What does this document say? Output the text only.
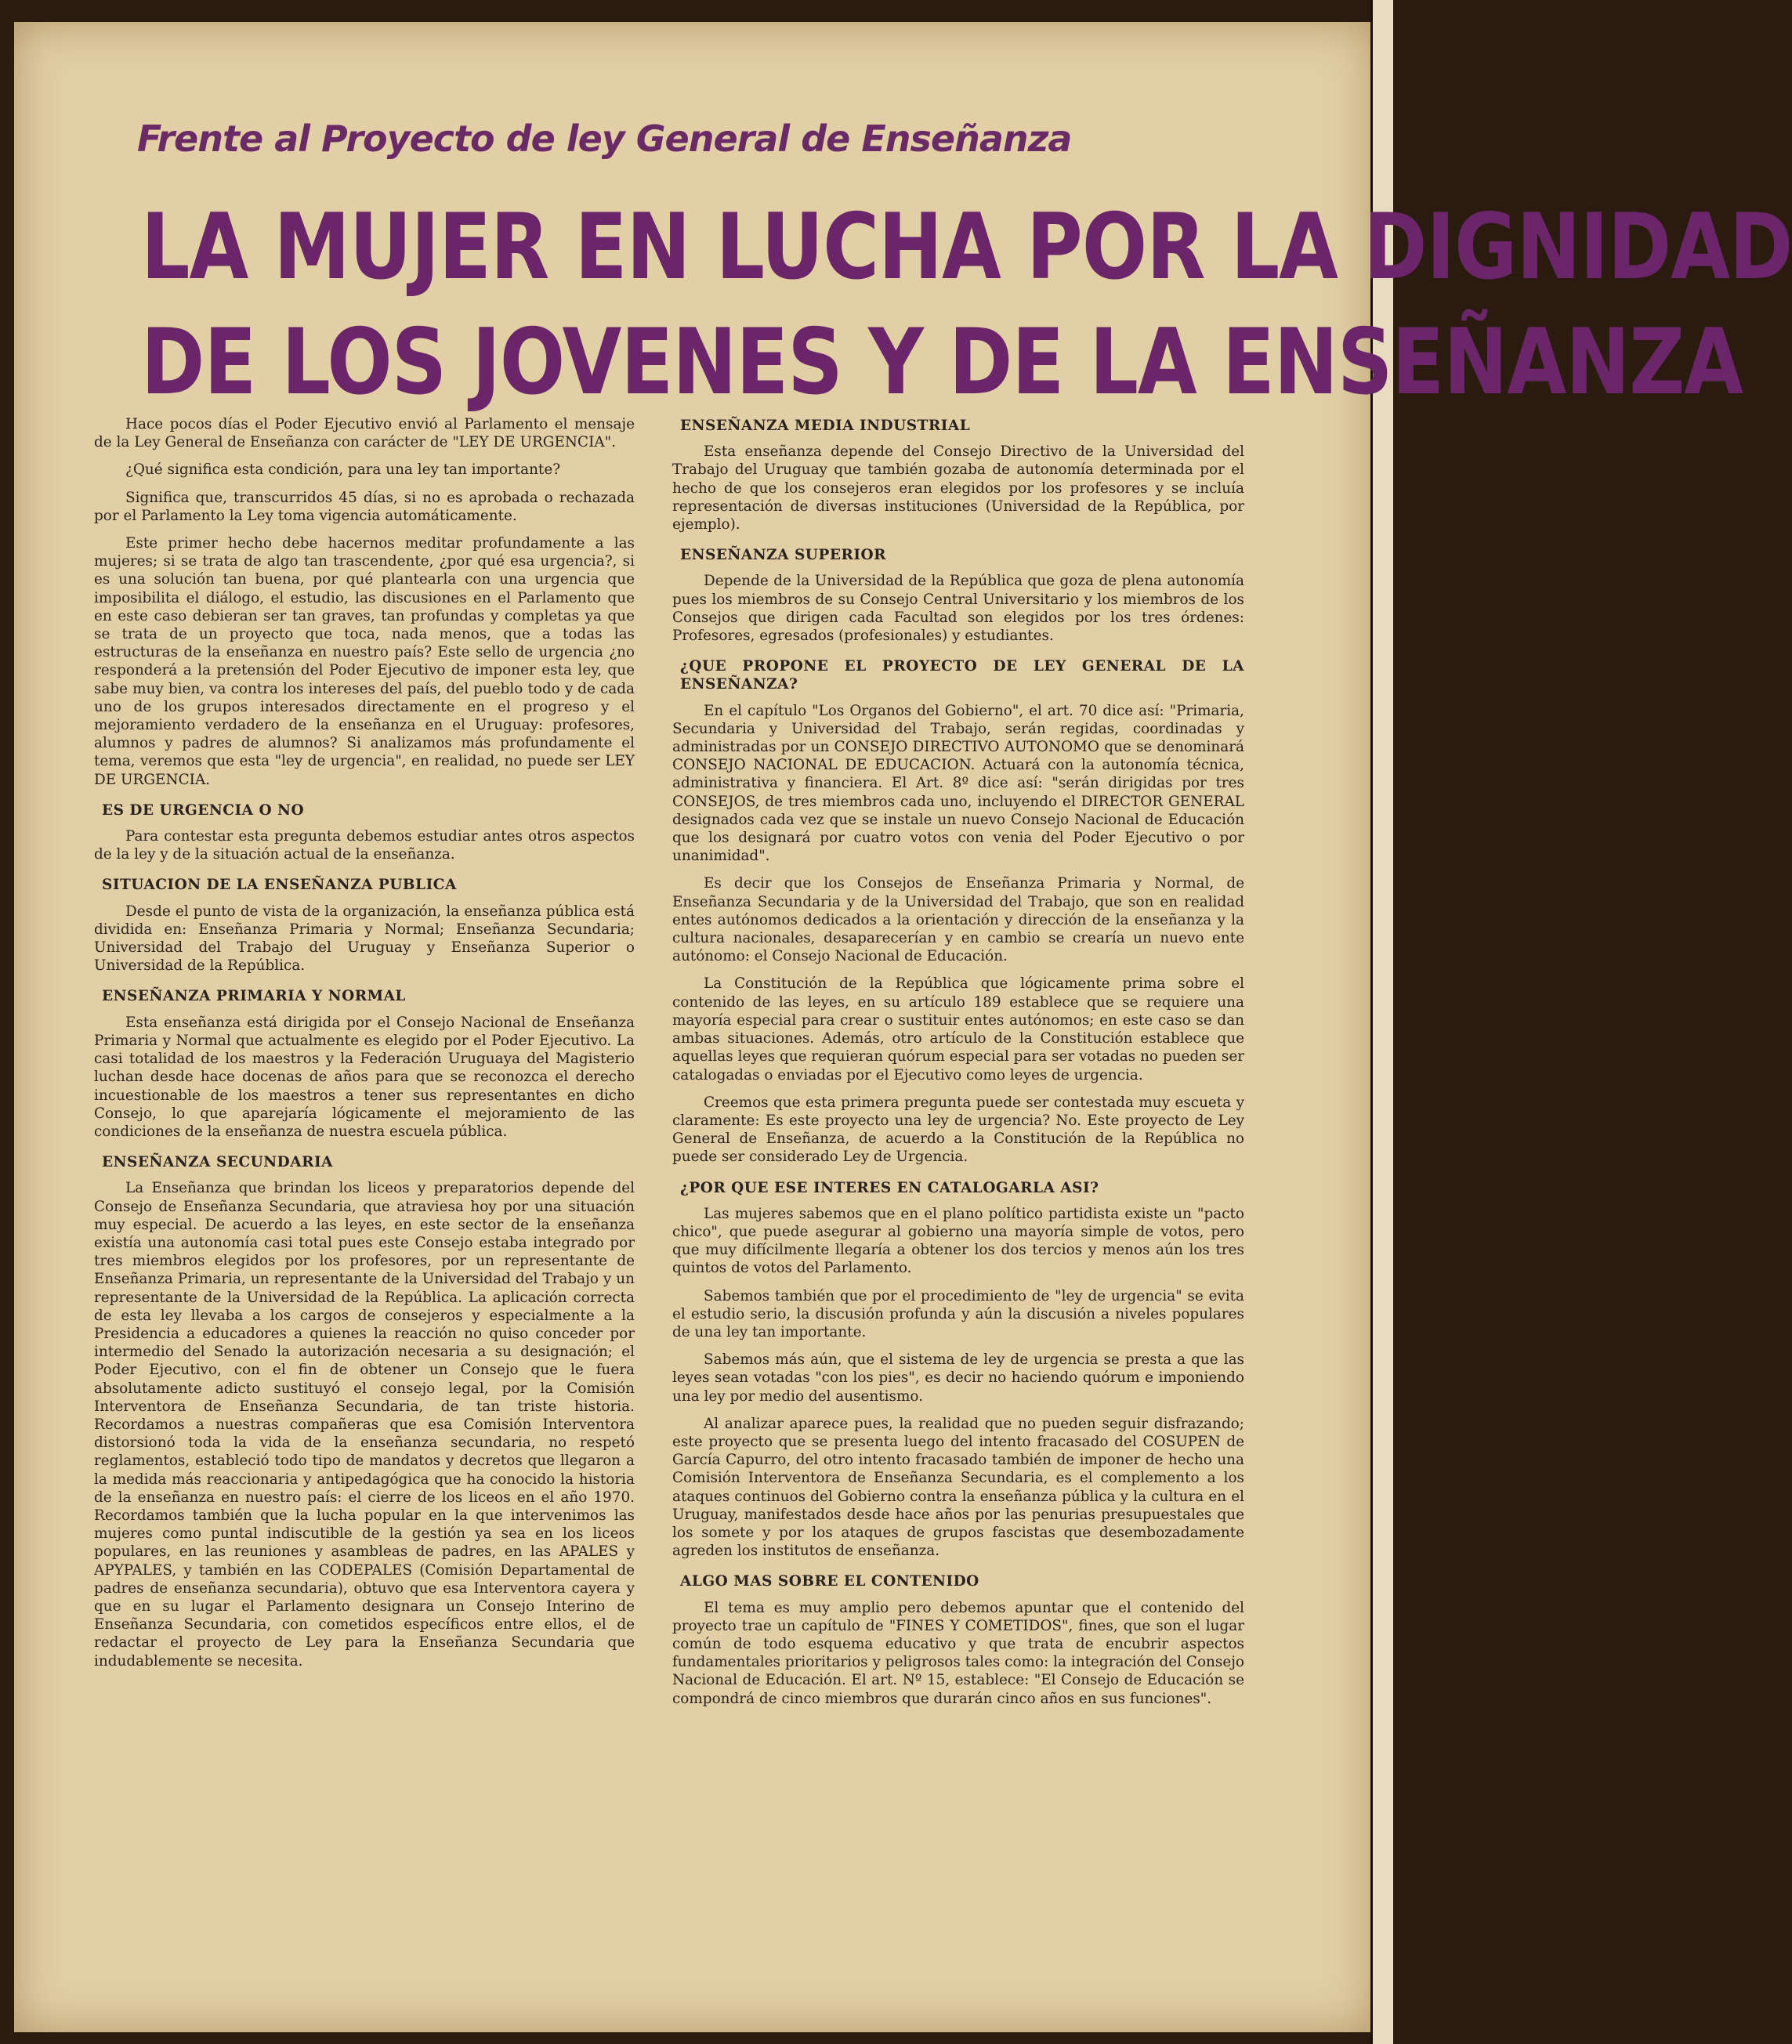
Frente al Proyecto de ley General de Enseñanza
LA MUJER EN LUCHA POR LA DIGNIDAD
DE LOS JOVENES Y DE LA ENSEÑANZA

Hace pocos días el Poder Ejecutivo envió al Parlamento el mensaje de la Ley General de Enseñanza con carácter de "LEY DE URGENCIA".

¿Qué significa esta condición, para una ley tan importante?

Significa que, transcurridos 45 días, si no es aprobada o rechazada por el Parlamento la Ley toma vigencia automáticamente.

Este primer hecho debe hacernos meditar profundamente a las mujeres; si se trata de algo tan trascendente, ¿por qué esa urgencia?, si es una solución tan buena, por qué plantearla con una urgencia que imposibilita el diálogo, el estudio, las discusiones en el Parlamento que en este caso debieran ser tan graves, tan profundas y completas ya que se trata de un proyecto que toca, nada menos, que a todas las estructuras de la enseñanza en nuestro país? Este sello de urgencia ¿no responderá a la pretensión del Poder Ejecutivo de imponer esta ley, que sabe muy bien, va contra los intereses del país, del pueblo todo y de cada uno de los grupos interesados directamente en el progreso y el mejoramiento verdadero de la enseñanza en el Uruguay: profesores, alumnos y padres de alumnos? Si analizamos más profundamente el tema, veremos que esta "ley de urgencia", en realidad, no puede ser LEY DE URGENCIA.

ES DE URGENCIA O NO

Para contestar esta pregunta debemos estudiar antes otros aspectos de la ley y de la situación actual de la enseñanza.

SITUACION DE LA ENSEÑANZA PUBLICA

Desde el punto de vista de la organización, la enseñanza pública está dividida en: Enseñanza Primaria y Normal; Enseñanza Secundaria; Universidad del Trabajo del Uruguay y Enseñanza Superior o Universidad de la República.

ENSEÑANZA PRIMARIA Y NORMAL

Esta enseñanza está dirigida por el Consejo Nacional de Enseñanza Primaria y Normal que actualmente es elegido por el Poder Ejecutivo. La casi totalidad de los maestros y la Federación Uruguaya del Magisterio luchan desde hace docenas de años para que se reconozca el derecho incuestionable de los maestros a tener sus representantes en dicho Consejo, lo que aparejaría lógicamente el mejoramiento de las condiciones de la enseñanza de nuestra escuela pública.

ENSEÑANZA SECUNDARIA

La Enseñanza que brindan los liceos y preparatorios depende del Consejo de Enseñanza Secundaria, que atraviesa hoy por una situación muy especial. De acuerdo a las leyes, en este sector de la enseñanza existía una autonomía casi total pues este Consejo estaba integrado por tres miembros elegidos por los profesores, por un representante de Enseñanza Primaria, un representante de la Universidad del Trabajo y un representante de la Universidad de la República. La aplicación correcta de esta ley llevaba a los cargos de consejeros y especialmente a la Presidencia a educadores a quienes la reacción no quiso conceder por intermedio del Senado la autorización necesaria a su designación; el Poder Ejecutivo, con el fin de obtener un Consejo que le fuera absolutamente adicto sustituyó el consejo legal, por la Comisión Interventora de Enseñanza Secundaria, de tan triste historia. Recordamos a nuestras compañeras que esa Comisión Interventora distorsionó toda la vida de la enseñanza secundaria, no respetó reglamentos, estableció todo tipo de mandatos y decretos que llegaron a la medida más reaccionaria y antipedagógica que ha conocido la historia de la enseñanza en nuestro país: el cierre de los liceos en el año 1970. Recordamos también que la lucha popular en la que intervenimos las mujeres como puntal indiscutible de la gestión ya sea en los liceos populares, en las reuniones y asambleas de padres, en las APALES y APYPALES, y también en las CODEPALES (Comisión Departamental de padres de enseñanza secundaria), obtuvo que esa Interventora cayera y que en su lugar el Parlamento designara un Consejo Interino de Enseñanza Secundaria, con cometidos específicos entre ellos, el de redactar el proyecto de Ley para la Enseñanza Secundaria que indudablemente se necesita.

ENSEÑANZA MEDIA INDUSTRIAL

Esta enseñanza depende del Consejo Directivo de la Universidad del Trabajo del Uruguay que también gozaba de autonomía determinada por el hecho de que los consejeros eran elegidos por los profesores y se incluía representación de diversas instituciones (Universidad de la República, por ejemplo).

ENSEÑANZA SUPERIOR

Depende de la Universidad de la República que goza de plena autonomía pues los miembros de su Consejo Central Universitario y los miembros de los Consejos que dirigen cada Facultad son elegidos por los tres órdenes: Profesores, egresados (profesionales) y estudiantes.

¿QUE PROPONE EL PROYECTO DE LEY GENERAL DE LA ENSEÑANZA?

En el capítulo "Los Organos del Gobierno", el art. 70 dice así: "Primaria, Secundaria y Universidad del Trabajo, serán regidas, coordinadas y administradas por un CONSEJO DIRECTIVO AUTONOMO que se denominará CONSEJO NACIONAL DE EDUCACION. Actuará con la autonomía técnica, administrativa y financiera. El Art. 8º dice así: "serán dirigidas por tres CONSEJOS, de tres miembros cada uno, incluyendo el DIRECTOR GENERAL designados cada vez que se instale un nuevo Consejo Nacional de Educación que los designará por cuatro votos con venia del Poder Ejecutivo o por unanimidad".

Es decir que los Consejos de Enseñanza Primaria y Normal, de Enseñanza Secundaria y de la Universidad del Trabajo, que son en realidad entes autónomos dedicados a la orientación y dirección de la enseñanza y la cultura nacionales, desaparecerían y en cambio se crearía un nuevo ente autónomo: el Consejo Nacional de Educación.

La Constitución de la República que lógicamente prima sobre el contenido de las leyes, en su artículo 189 establece que se requiere una mayoría especial para crear o sustituir entes autónomos; en este caso se dan ambas situaciones. Además, otro artículo de la Constitución establece que aquellas leyes que requieran quórum especial para ser votadas no pueden ser catalogadas o enviadas por el Ejecutivo como leyes de urgencia.

Creemos que esta primera pregunta puede ser contestada muy escueta y claramente: Es este proyecto una ley de urgencia? No. Este proyecto de Ley General de Enseñanza, de acuerdo a la Constitución de la República no puede ser considerado Ley de Urgencia.

¿POR QUE ESE INTERES EN CATALOGARLA ASI?

Las mujeres sabemos que en el plano político partidista existe un "pacto chico", que puede asegurar al gobierno una mayoría simple de votos, pero que muy difícilmente llegaría a obtener los dos tercios y menos aún los tres quintos de votos del Parlamento.

Sabemos también que por el procedimiento de "ley de urgencia" se evita el estudio serio, la discusión profunda y aún la discusión a niveles populares de una ley tan importante.

Sabemos más aún, que el sistema de ley de urgencia se presta a que las leyes sean votadas "con los pies", es decir no haciendo quórum e imponiendo una ley por medio del ausentismo.

Al analizar aparece pues, la realidad que no pueden seguir disfrazando; este proyecto que se presenta luego del intento fracasado del COSUPEN de García Capurro, del otro intento fracasado también de imponer de hecho una Comisión Interventora de Enseñanza Secundaria, es el complemento a los ataques continuos del Gobierno contra la enseñanza pública y la cultura en el Uruguay, manifestados desde hace años por las penurias presupuestales que los somete y por los ataques de grupos fascistas que desembozadamente agreden los institutos de enseñanza.

ALGO MAS SOBRE EL CONTENIDO

El tema es muy amplio pero debemos apuntar que el contenido del proyecto trae un capítulo de "FINES Y COMETIDOS", fines, que son el lugar común de todo esquema educativo y que trata de encubrir aspectos fundamentales prioritarios y peligrosos tales como: la integración del Consejo Nacional de Educación. El art. Nº 15, establece: "El Consejo de Educación se compondrá de cinco miembros que durarán cinco años en sus funciones".
